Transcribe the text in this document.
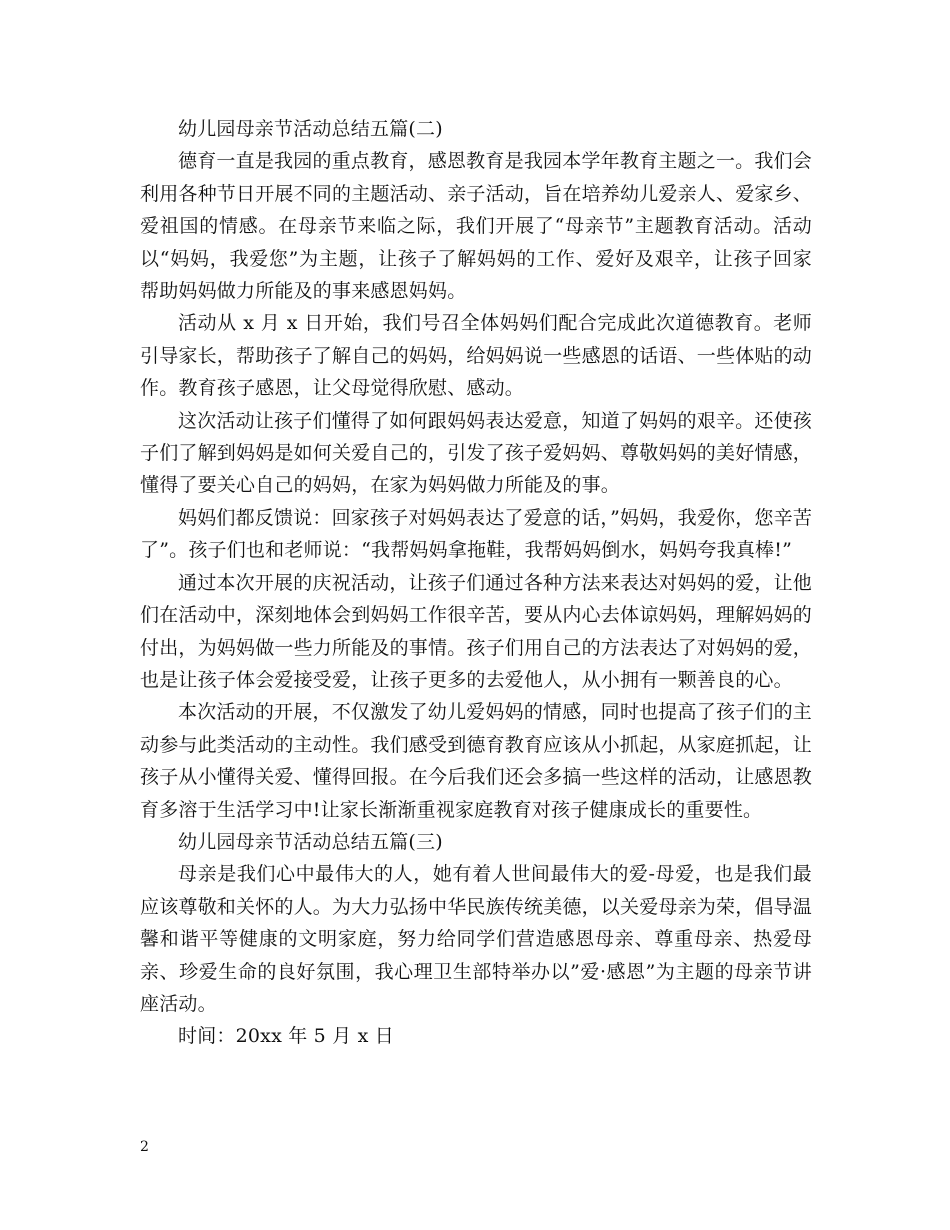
幼儿园母亲节活动总结五篇(二)

德育一直是我园的重点教育，感恩教育是我园本学年教育主题之一。我们会利用各种节日开展不同的主题活动、亲子活动，旨在培养幼儿爱亲人、爱家乡、爱祖国的情感。在母亲节来临之际，我们开展了“母亲节”主题教育活动。活动以“妈妈，我爱您”为主题，让孩子了解妈妈的工作、爱好及艰辛，让孩子回家帮助妈妈做力所能及的事来感恩妈妈。

活动从 x 月 x 日开始，我们号召全体妈妈们配合完成此次道德教育。老师引导家长，帮助孩子了解自己的妈妈，给妈妈说一些感恩的话语、一些体贴的动作。教育孩子感恩，让父母觉得欣慰、感动。

这次活动让孩子们懂得了如何跟妈妈表达爱意，知道了妈妈的艰辛。还使孩子们了解到妈妈是如何关爱自己的，引发了孩子爱妈妈、尊敬妈妈的美好情感，懂得了要关心自己的妈妈，在家为妈妈做力所能及的事。

妈妈们都反馈说：回家孩子对妈妈表达了爱意的话，”妈妈，我爱你，您辛苦了”。孩子们也和老师说：“我帮妈妈拿拖鞋，我帮妈妈倒水，妈妈夸我真棒!”

通过本次开展的庆祝活动，让孩子们通过各种方法来表达对妈妈的爱，让他们在活动中，深刻地体会到妈妈工作很辛苦，要从内心去体谅妈妈，理解妈妈的付出，为妈妈做一些力所能及的事情。孩子们用自己的方法表达了对妈妈的爱，也是让孩子体会爱接受爱，让孩子更多的去爱他人，从小拥有一颗善良的心。

本次活动的开展，不仅激发了幼儿爱妈妈的情感，同时也提高了孩子们的主动参与此类活动的主动性。我们感受到德育教育应该从小抓起，从家庭抓起，让孩子从小懂得关爱、懂得回报。在今后我们还会多搞一些这样的活动，让感恩教育多溶于生活学习中!让家长渐渐重视家庭教育对孩子健康成长的重要性。

幼儿园母亲节活动总结五篇(三)

母亲是我们心中最伟大的人，她有着人世间最伟大的爱-母爱，也是我们最应该尊敬和关怀的人。为大力弘扬中华民族传统美德，以关爱母亲为荣，倡导温馨和谐平等健康的文明家庭，努力给同学们营造感恩母亲、尊重母亲、热爱母亲、珍爱生命的良好氛围，我心理卫生部特举办以”爱·感恩”为主题的母亲节讲座活动。

时间：20xx 年 5 月 x 日

2
